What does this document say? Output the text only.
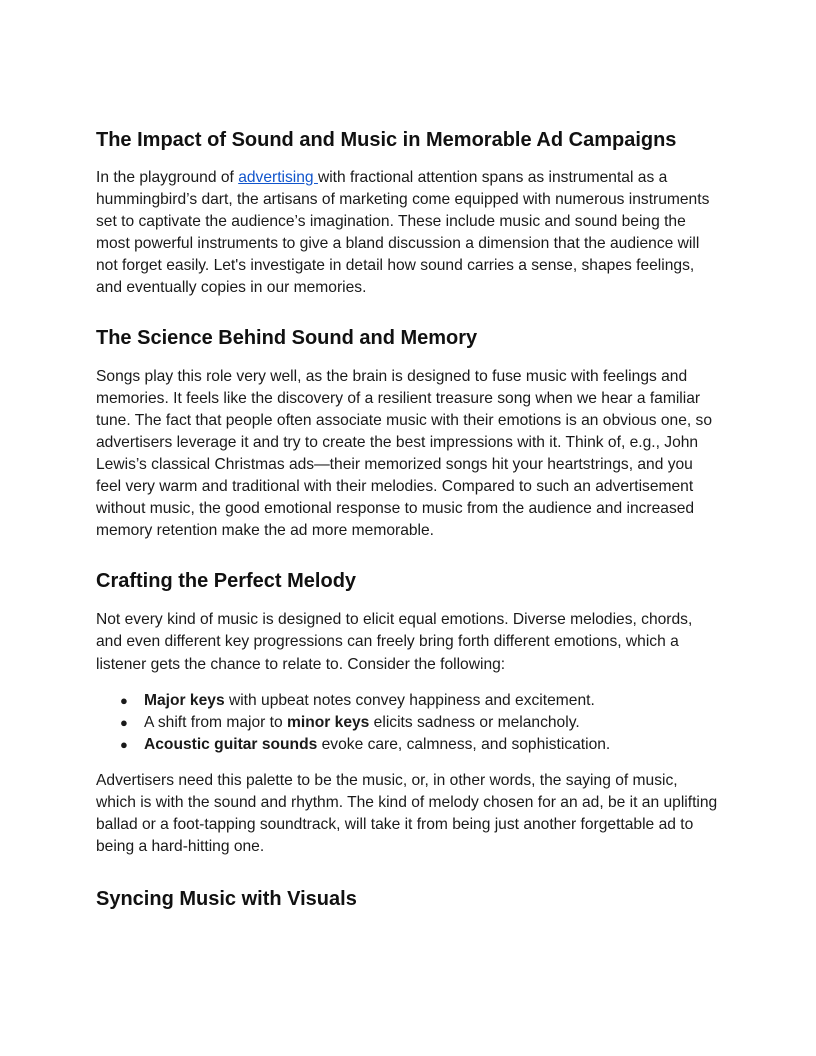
The Impact of Sound and Music in Memorable Ad Campaigns

In the playground of advertising with fractional attention spans as instrumental as a hummingbird’s dart, the artisans of marketing come equipped with numerous instruments set to captivate the audience’s imagination. These include music and sound being the most powerful instruments to give a bland discussion a dimension that the audience will not forget easily. Let's investigate in detail how sound carries a sense, shapes feelings, and eventually copies in our memories.

The Science Behind Sound and Memory

Songs play this role very well, as the brain is designed to fuse music with feelings and memories. It feels like the discovery of a resilient treasure song when we hear a familiar tune. The fact that people often associate music with their emotions is an obvious one, so advertisers leverage it and try to create the best impressions with it. Think of, e.g., John Lewis’s classical Christmas ads—their memorized songs hit your heartstrings, and you feel very warm and traditional with their melodies. Compared to such an advertisement without music, the good emotional response to music from the audience and increased memory retention make the ad more memorable.

Crafting the Perfect Melody

Not every kind of music is designed to elicit equal emotions. Diverse melodies, chords, and even different key progressions can freely bring forth different emotions, which a listener gets the chance to relate to. Consider the following:

● Major keys with upbeat notes convey happiness and excitement.
● A shift from major to minor keys elicits sadness or melancholy.
● Acoustic guitar sounds evoke care, calmness, and sophistication.

Advertisers need this palette to be the music, or, in other words, the saying of music, which is with the sound and rhythm. The kind of melody chosen for an ad, be it an uplifting ballad or a foot-tapping soundtrack, will take it from being just another forgettable ad to being a hard-hitting one.

Syncing Music with Visuals
